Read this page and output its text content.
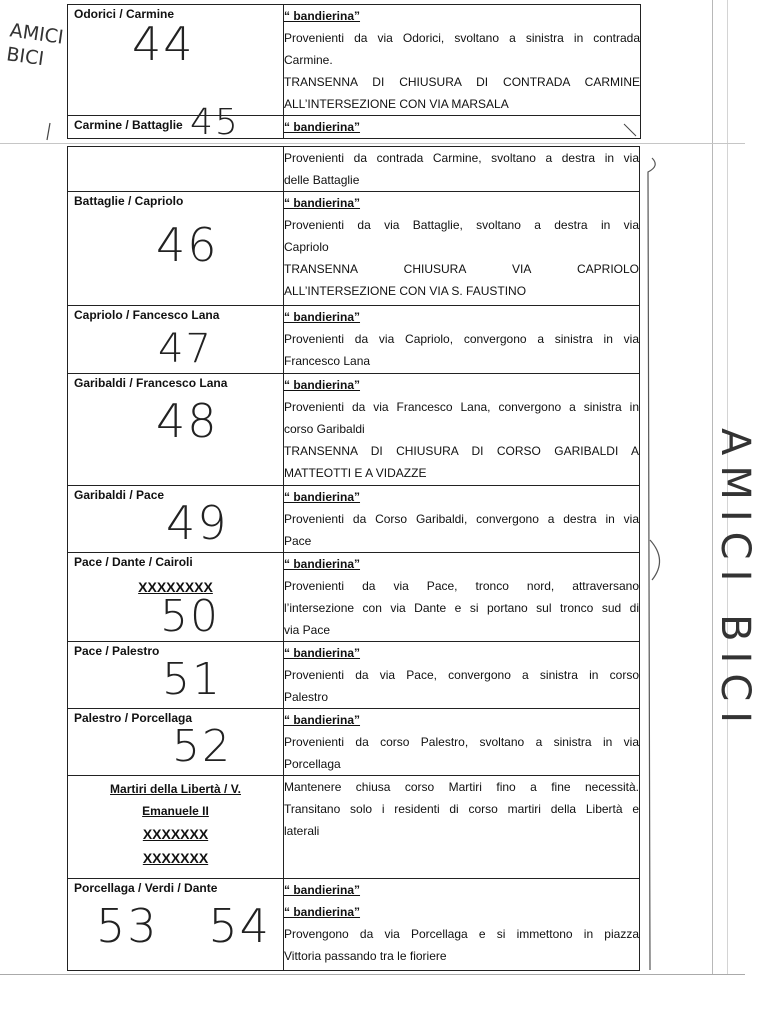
Odorici / Carmine
44	“ bandierina”
Provenienti da via Odorici, svoltano a sinistra in contrada
Carmine.
TRANSENNA DI CHIUSURA DI CONTRADA CARMINE
ALL’INTERSEZIONE CON VIA MARSALA

Carmine / Battaglie 45	“ bandierina”

	Provenienti da contrada Carmine, svoltano a destra in via
delle Battaglie

Battaglie / Capriolo
46	“ bandierina”
Provenienti da via Battaglie, svoltano a destra in via
Capriolo
TRANSENNA CHIUSURA VIA CAPRIOLO
ALL’INTERSEZIONE CON VIA S. FAUSTINO

Capriolo / Fancesco Lana
47	“ bandierina”
Provenienti da via Capriolo, convergono a sinistra in via
Francesco Lana

Garibaldi / Francesco Lana
48	“ bandierina”
Provenienti da via Francesco Lana, convergono a sinistra in
corso Garibaldi
TRANSENNA DI CHIUSURA DI CORSO GARIBALDI A
MATTEOTTI E A VIDAZZE

Garibaldi / Pace
49	“ bandierina”
Provenienti da Corso Garibaldi, convergono a destra in via
Pace

Pace / Dante / Cairoli
XXXXXXXX
50	“ bandierina”
Provenienti da via Pace, tronco nord, attraversano
l’intersezione con via Dante e si portano sul tronco sud di
via Pace

Pace / Palestro
51	“ bandierina”
Provenienti da via Pace, convergono a sinistra in corso
Palestro

Palestro / Porcellaga
52	“ bandierina”
Provenienti da corso Palestro, svoltano a sinistra in via
Porcellaga

Martiri della Libertà / V.
Emanuele II
XXXXXXX
XXXXXXX	Mantenere chiusa corso Martiri fino a fine necessità.
Transitano solo i residenti di corso martiri della Libertà e
laterali

Porcellaga / Verdi / Dante
53   54	“ bandierina”
“ bandierina”
Provengono da via Porcellaga e si immettono in piazza
Vittoria passando tra le fioriere
AMICI BICI
AMICI BICI
